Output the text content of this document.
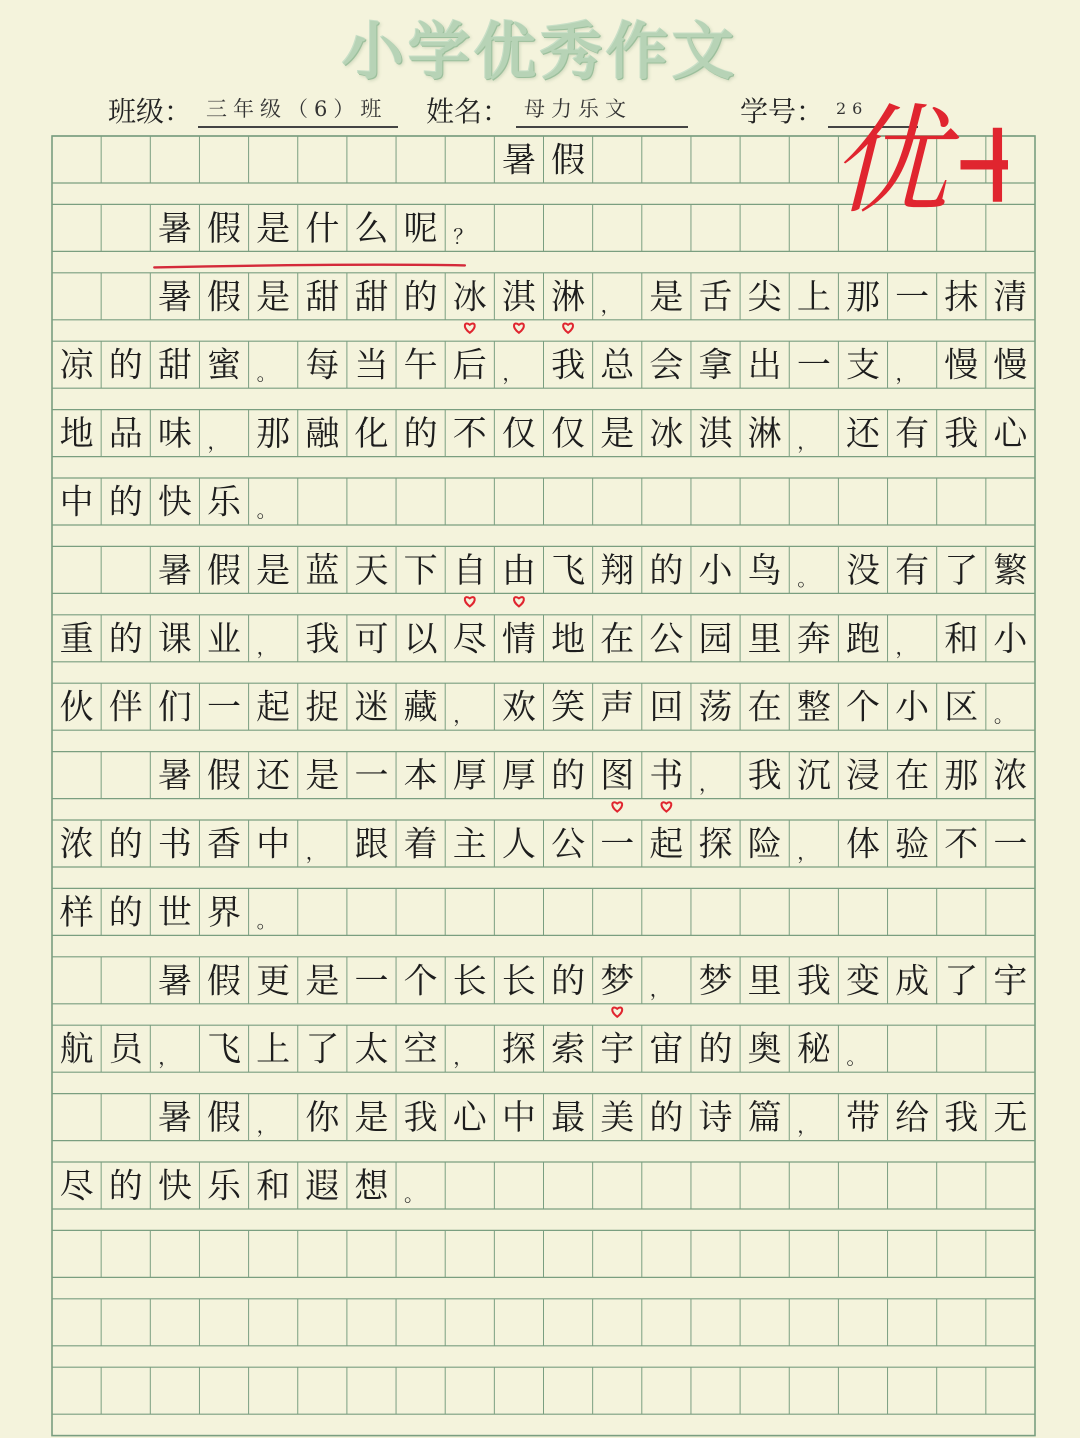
小学优秀作文
班级： 三年级（6）班	姓名： 母力乐文	学号： 26
暑 假
暑 假 是 什 么 呢 ？
暑 假 是 甜 甜 的 冰 淇 淋 ， 是 舌 尖 上 那 一 抹 清
凉 的 甜 蜜 。 每 当 午 后 ， 我 总 会 拿 出 一 支 ， 慢 慢
地 品 味 ， 那 融 化 的 不 仅 仅 是 冰 淇 淋 ， 还 有 我 心
中 的 快 乐 。
暑 假 是 蓝 天 下 自 由 飞 翔 的 小 鸟 。 没 有 了 繁
重 的 课 业 ， 我 可 以 尽 情 地 在 公 园 里 奔 跑 ， 和 小
伙 伴 们 一 起 捉 迷 藏 ， 欢 笑 声 回 荡 在 整 个 小 区 。
暑 假 还 是 一 本 厚 厚 的 图 书 ， 我 沉 浸 在 那 浓
浓 的 书 香 中 ， 跟 着 主 人 公 一 起 探 险 ， 体 验 不 一
样 的 世 界 。
暑 假 更 是 一 个 长 长 的 梦 ， 梦 里 我 变 成 了 宇
航 员 ， 飞 上 了 太 空 ， 探 索 宇 宙 的 奥 秘 。
暑 假 ， 你 是 我 心 中 最 美 的 诗 篇 ， 带 给 我 无
尽 的 快 乐 和 遐 想 。
优
